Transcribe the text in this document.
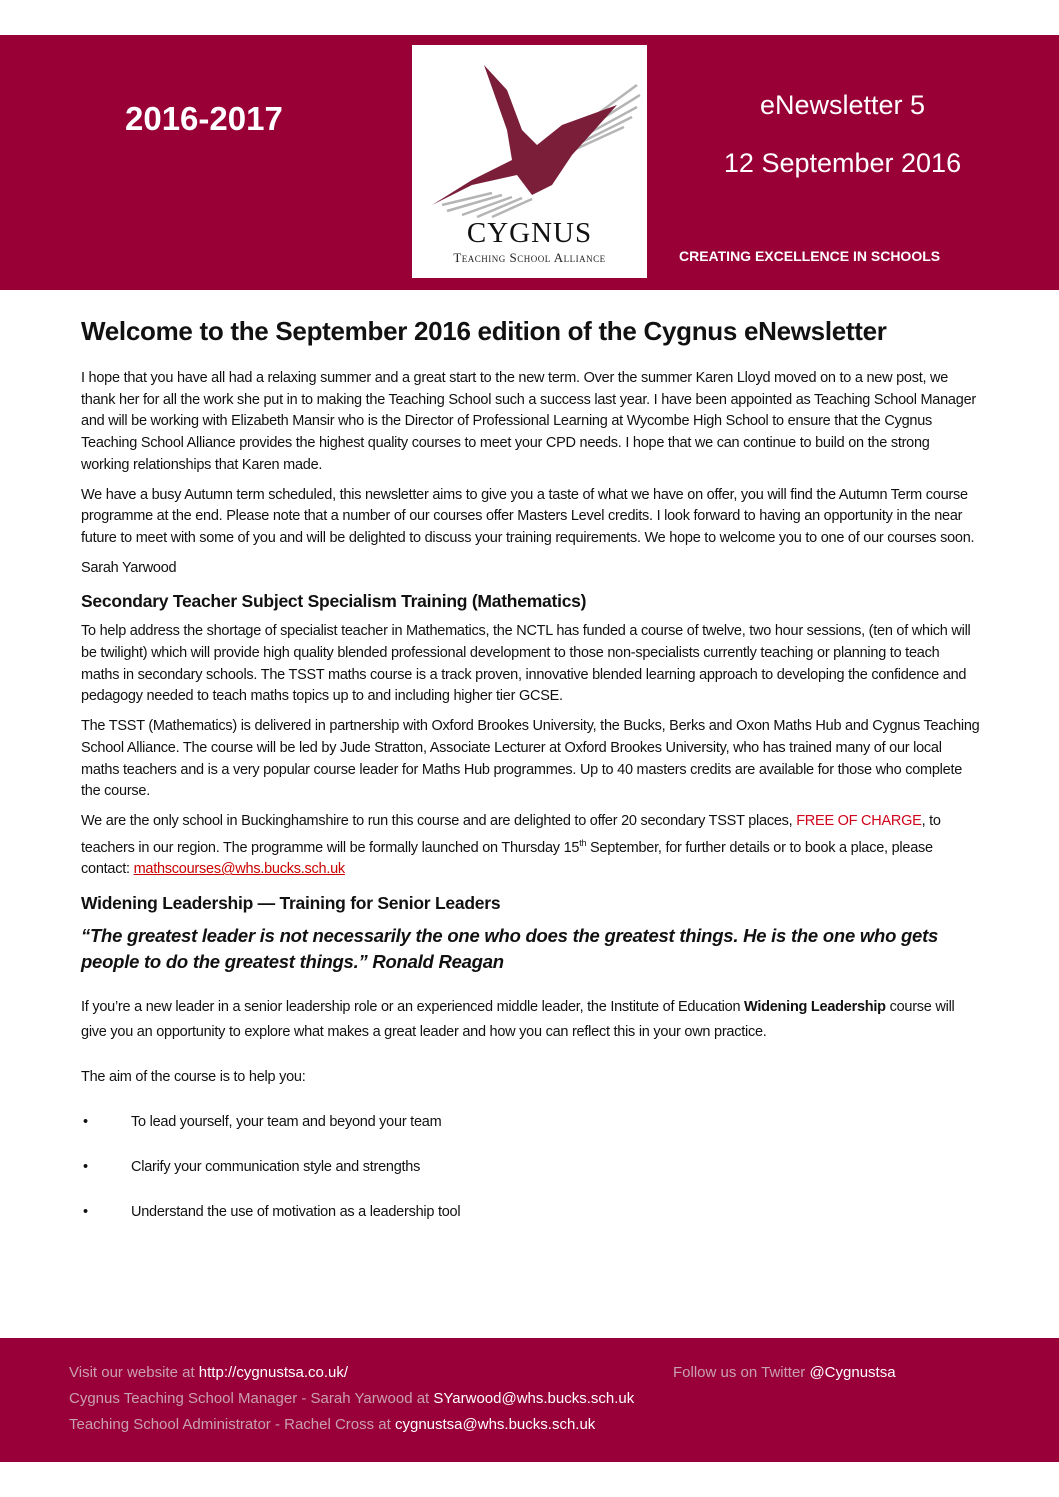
2016-2017
CYGNUS
Teaching School Alliance
eNewsletter 5
12 September 2016
CREATING EXCELLENCE IN SCHOOLS
Welcome to the September 2016 edition of the Cygnus eNewsletter

I hope that you have all had a relaxing summer and a great start to the new term. Over the summer Karen Lloyd moved on to a new post, we thank her for all the work she put in to making the Teaching School such a success last year. I have been appointed as Teaching School Manager and will be working with Elizabeth Mansir who is the Director of Professional Learning at Wycombe High School to ensure that the Cygnus Teaching School Alliance provides the highest quality courses to meet your CPD needs. I hope that we can continue to build on the strong working relationships that Karen made.

We have a busy Autumn term scheduled, this newsletter aims to give you a taste of what we have on offer, you will find the Autumn Term course programme at the end. Please note that a number of our courses offer Masters Level credits. I look forward to having an opportunity in the near future to meet with some of you and will be delighted to discuss your training requirements. We hope to welcome you to one of our courses soon.

Sarah Yarwood

Secondary Teacher Subject Specialism Training (Mathematics)

To help address the shortage of specialist teacher in Mathematics, the NCTL has funded a course of twelve, two hour sessions, (ten of which will be twilight) which will provide high quality blended professional development to those non-specialists currently teaching or planning to teach maths in secondary schools. The TSST maths course is a track proven, innovative blended learning approach to developing the confidence and pedagogy needed to teach maths topics up to and including higher tier GCSE.

The TSST (Mathematics) is delivered in partnership with Oxford Brookes University, the Bucks, Berks and Oxon Maths Hub and Cygnus Teaching School Alliance. The course will be led by Jude Stratton, Associate Lecturer at Oxford Brookes University, who has trained many of our local maths teachers and is a very popular course leader for Maths Hub programmes. Up to 40 masters credits are available for those who complete the course.

We are the only school in Buckinghamshire to run this course and are delighted to offer 20 secondary TSST places, FREE OF CHARGE, to teachers in our region. The programme will be formally launched on Thursday 15th September, for further details or to book a place, please contact: mathscourses@whs.bucks.sch.uk

Widening Leadership — Training for Senior Leaders
“The greatest leader is not necessarily the one who does the greatest things. He is the one who gets people to do the greatest things.” Ronald Reagan

If you’re a new leader in a senior leadership role or an experienced middle leader, the Institute of Education Widening Leadership course will give you an opportunity to explore what makes a great leader and how you can reflect this in your own practice.

The aim of the course is to help you:

• To lead yourself, your team and beyond your team
• Clarify your communication style and strengths
• Understand the use of motivation as a leadership tool
Visit our website at http://cygnustsa.co.uk/	Follow us on Twitter @Cygnustsa
Cygnus Teaching School Manager - Sarah Yarwood at SYarwood@whs.bucks.sch.uk
Teaching School Administrator - Rachel Cross at cygnustsa@whs.bucks.sch.uk
